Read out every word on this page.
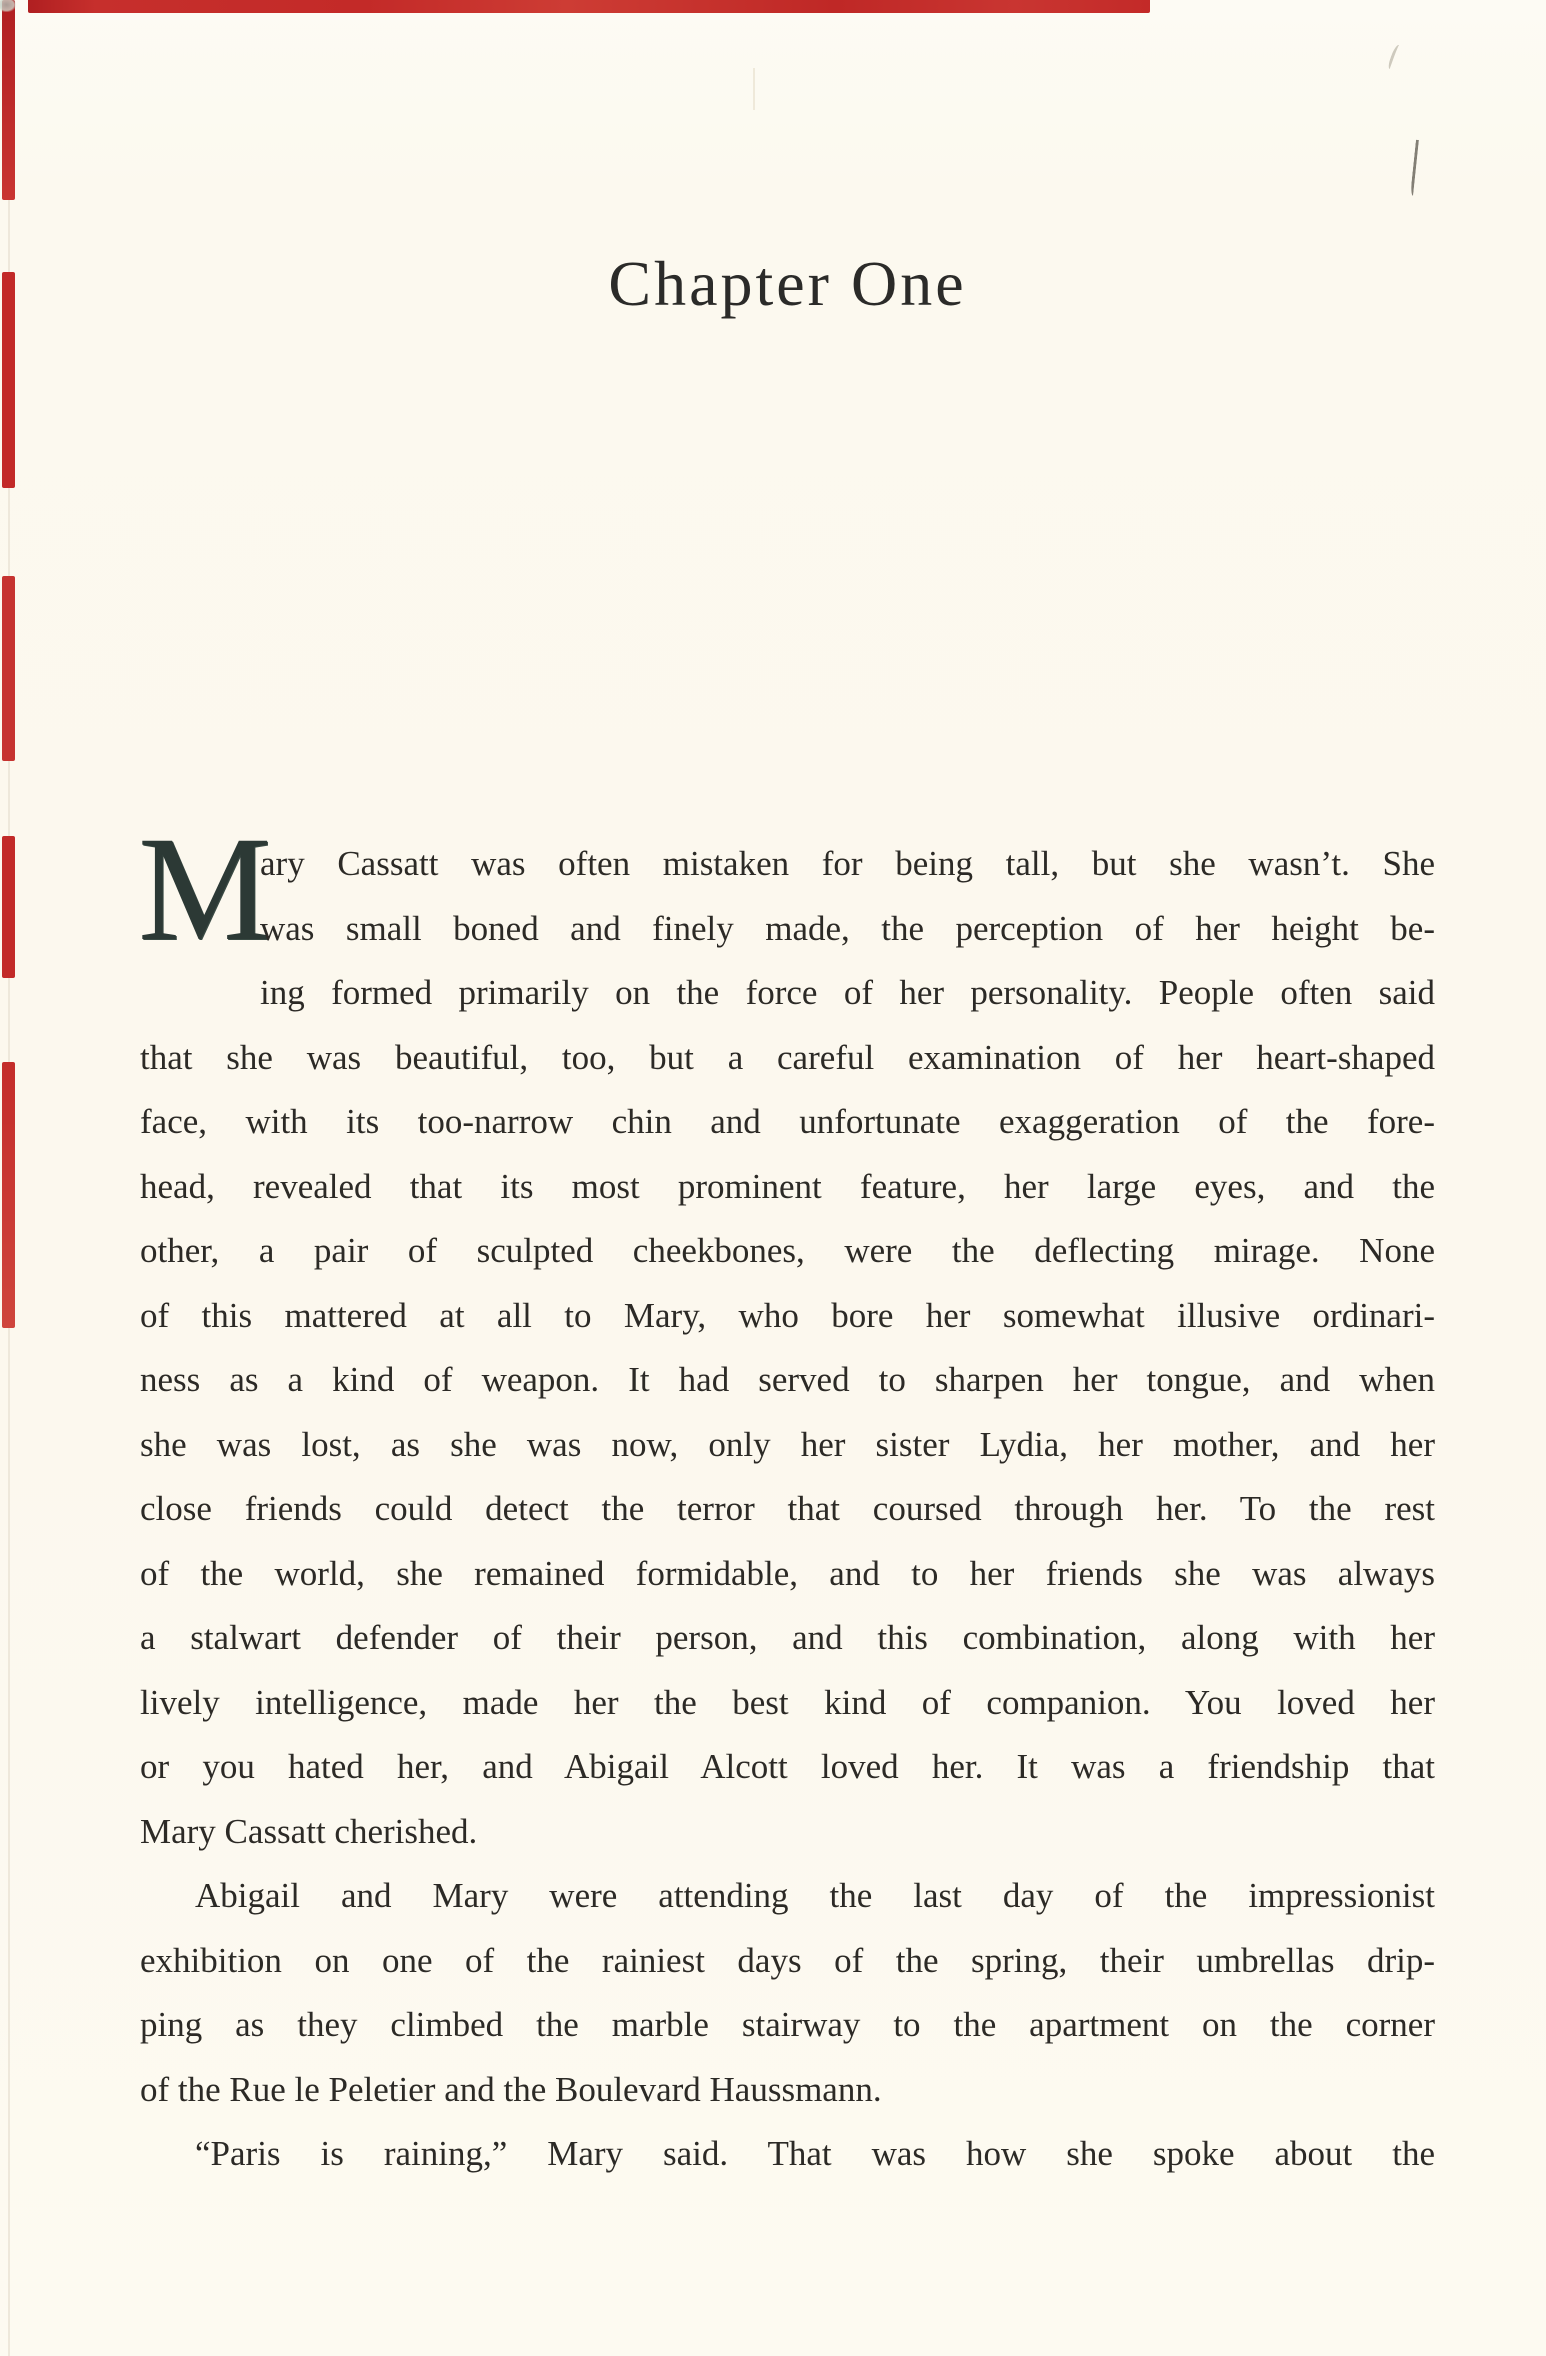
Chapter One
M
ary Cassatt was often mistaken for being tall, but she wasn’t. She
was small boned and finely made, the perception of her height be-
ing formed primarily on the force of her personality. People often said
that she was beautiful, too, but a careful examination of her heart-shaped
face, with its too-narrow chin and unfortunate exaggeration of the fore-
head, revealed that its most prominent feature, her large eyes, and the
other, a pair of sculpted cheekbones, were the deflecting mirage. None
of this mattered at all to Mary, who bore her somewhat illusive ordinari-
ness as a kind of weapon. It had served to sharpen her tongue, and when
she was lost, as she was now, only her sister Lydia, her mother, and her
close friends could detect the terror that coursed through her. To the rest
of the world, she remained formidable, and to her friends she was always
a stalwart defender of their person, and this combination, along with her
lively intelligence, made her the best kind of companion. You loved her
or you hated her, and Abigail Alcott loved her. It was a friendship that
Mary Cassatt cherished.
Abigail and Mary were attending the last day of the impressionist
exhibition on one of the rainiest days of the spring, their umbrellas drip-
ping as they climbed the marble stairway to the apartment on the corner
of the Rue le Peletier and the Boulevard Haussmann.
“Paris is raining,” Mary said. That was how she spoke about the
